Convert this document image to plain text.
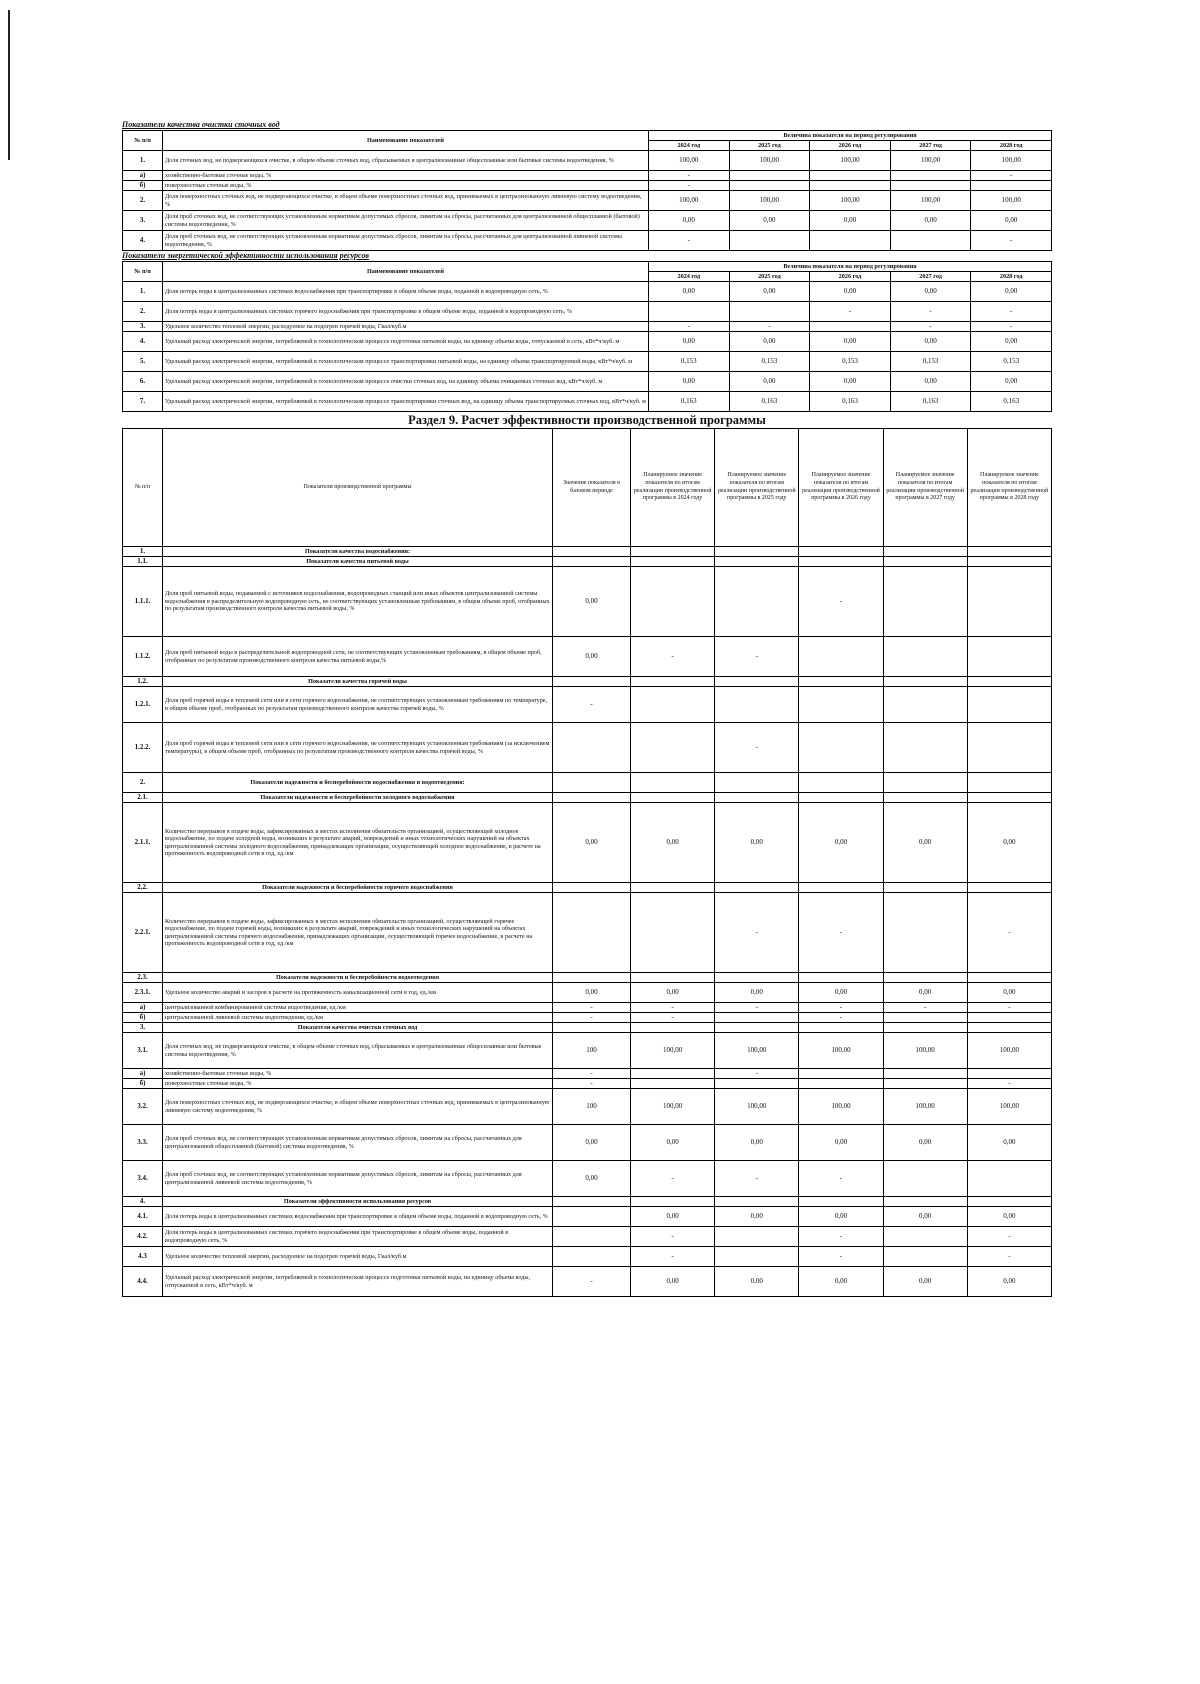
Показатели качества очистки сточных вод
№ п/п	Наименование показателей	Величина показателя на период регулирования				
		2024 год	2025 год	2026 год	2027 год	2028 год
1.	Доля сточных вод, не подвергающихся очистке, в общем объеме сточных вод, сбрасываемых в централизованные общесплавные или бытовые системы водоотведения, %	100,00	100,00	100,00	100,00	100,00
а)	хозяйственно-бытовые сточные воды, %	-				-
б)	поверхностные сточные воды, %	-				
2.	Доля поверхностных сточных вод, не подвергающихся очистке, в общем объеме поверхностных сточных вод, принимаемых в централизованную ливневую систему водоотведения, %	100,00	100,00	100,00	100,00	100,00
3.	Доля проб сточных вод, не соответствующих установленным нормативам допустимых сбросов, лимитам на сбросы, рассчитанных для централизованной общесплавной (бытовой) системы водоотведения, %	0,00	0,00	0,00	0,00	0,00
4.	Доля проб сточных вод, не соответствующих установленным нормативам допустимых сбросов, лимитам на сбросы, рассчитанных для централизованной ливневой системы водоотведения, %	-				-
Показатели энергетической эффективности использования ресурсов
№ п/п	Наименование показателей	Величина показателя на период регулирования				
		2024 год	2025 год	2026 год	2027 год	2028 год
1.	Доля потерь воды в централизованных системах водоснабжения при транспортировке в общем объеме воды, поданной в водопроводную сеть, %	0,00	0,00	0,00	0,00	0,00
2.	Доля потерь воды в централизованных системах горячего водоснабжения при транспортировке в общем объеме воды, поданной в водопроводную сеть, %			-	-	-
3.	Удельное количество тепловой энергии, расходуемое на подогрев горячей воды, Гкал/куб.м	-	-		-	-
4.	Удельный расход электрической энергии, потребляемой в технологическом процессе подготовки питьевой воды, на единицу объема воды, отпускаемой в сеть, кВт*ч/куб. м	0,00	0,00	0,00	0,00	0,00
5.	Удельный расход электрической энергии, потребляемой в технологическом процессе транспортировки питьевой воды, на единицу объема транспортируемой воды, кВт*ч/куб. м	0,153	0,153	0,153	0,153	0,153
6.	Удельный расход электрической энергии, потребляемой в технологическом процессе очистки сточных вод, на единицу объема очищаемых сточных вод, кВт*ч/куб. м	0,00	0,00	0,00	0,00	0,00
7.	Удельный расход электрической энергии, потребляемой в технологическом процессе транспортировки сточных вод, на единицу объема транспортируемых сточных вод, кВт*ч/куб. м	0,163	0,163	0,163	0,163	0,163
Раздел 9. Расчет эффективности производственной программы
№ п/п	Показатели производственной программы	Значение показателя в базовом периоде	Планируемое значение показателя по итогам реализации производственной программы в 2024 году	Планируемое значение показателя по итогам реализации производственной программы в 2025 году	Планируемое значение показателя по итогам реализации производственной программы в 2026 году	Планируемое значение показателя по итогам реализации производственной программы в 2027 году	Планируемое значение показателя по итогам реализации производственной программы в 2028 году
1.	Показатели качества водоснабжения:						
1.1.	Показатели качества питьевой воды						
1.1.1.	Доля проб питьевой воды, подаваемой с источников водоснабжения, водопроводных станций или иных объектов централизованной системы водоснабжения в распределительную водопроводную сеть, не соответствующих установленным требованиям, в общем объеме проб, отобранных по результатам производственного контроля качества питьевой воды, %	0,00			-		
1.1.2.	Доля проб питьевой воды в распределительной водопроводной сети, не соответствующих установленным требованиям, в общем объеме проб, отобранных по результатам производственного контроля качества питьевой воды,%	0,00	-	-			
1.2.	Показатели качества горячей воды						
1.2.1.	Доля проб горячей воды в тепловой сети или в сети горячего водоснабжения, не соответствующих установленным требованиям по температуре, в общем объеме проб, отобранных по результатам производственного контроля качества горячей воды, %	-					
1.2.2.	Доля проб горячей воды в тепловой сети или в сети горячего водоснабжения, не соответствующих установленным требованиям (за исключением температуры), в общем объеме проб, отобранных по результатам производственного контроля качества горячей воды, %			-			
2.	Показатели надежности и бесперебойности водоснабжения и водоотведения:						
2.1.	Показатели надежности и бесперебойности холодного водоснабжения						
2.1.1.	Количество перерывов в подаче воды, зафиксированных в местах исполнения обязательств организацией, осуществляющей холодное водоснабжение, по подаче холодной воды, возникших в результате аварий, повреждений и иных технологических нарушений на объектах централизованной системы холодного водоснабжения, принадлежащих организации, осуществляющей холодное водоснабжение, в расчете на протяженность водопроводной сети в год, ед./км	0,00	0,00	0,00	0,00	0,00	0,00
2.2.	Показатели надежности и бесперебойности горячего водоснабжения						
2.2.1.	Количество перерывов в подаче воды, зафиксированных в местах исполнения обязательств организацией, осуществляющей горячее водоснабжение, по подаче горячей воды, возникших в результате аварий, повреждений и иных технологических нарушений на объектах централизованной системы горячего водоснабжения, принадлежащих организации, осуществляющей горячее водоснабжение, в расчете на протяженность водопроводной сети в год, ед./км			-	-		-
2.3.	Показатели надежности и бесперебойности водоотведения						
2.3.1.	Удельное количество аварий и засоров в расчете на протяженность канализационной сети в год, ед./км	0,00	0,00	0,00	0,00	0,00	0,00
а)	централизованной комбинированной системы водоотведения, ед./км	-	-	-	-	-	-
б)	централизованной ливневой системы водоотведения, ед./км	-	-		-		
3.	Показатели качества очистки сточных вод						
3.1.	Доля сточных вод, не подвергающихся очистке, в общем объеме сточных вод, сбрасываемых в централизованные общесплавные или бытовые системы водоотведения, %	100	100,00	100,00	100,00	100,00	100,00
а)	хозяйственно-бытовые сточные воды, %	-		-			
б)	поверхностные сточные воды, %	-					-
3.2.	Доля поверхностных сточных вод, не подвергающихся очистке, в общем объеме поверхностных сточных вод, принимаемых в централизованную ливневую систему водоотведения, %	100	100,00	100,00	100,00	100,00	100,00
3.3.	Доля проб сточных вод, не соответствующих установленным нормативам допустимых сбросов, лимитам на сбросы, рассчитанных для централизованной общесплавной (бытовой) системы водоотведения, %	0,00	0,00	0,00	0,00	0,00	0,00
3.4.	Доля проб сточных вод, не соответствующих установленным нормативам допустимых сбросов, лимитам на сбросы, рассчитанных для централизованной ливневой системы водоотведения, %	0,00	-	-	-		
4.	Показатели эффективности использования ресурсов						
4.1.	Доля потерь воды в централизованных системах водоснабжения при транспортировке в общем объеме воды, поданной в водопроводную сеть, %		0,00	0,00	0,00	0,00	0,00
4.2.	Доля потерь воды в централизованных системах горячего водоснабжения при транспортировке в общем объеме воды, поданной в водопроводную сеть, %		-		-		-
4.3	Удельное количество тепловой энергии, расходуемое на подогрев горячей воды, Гкал/куб.м		-		-		-
4.4.	Удельный расход электрической энергии, потребляемой в технологическом процессе подготовки питьевой воды, на единицу объема воды, отпускаемой в сеть, кВт*ч/куб. м	-	0,00	0,00	0,00	0,00	0,00
